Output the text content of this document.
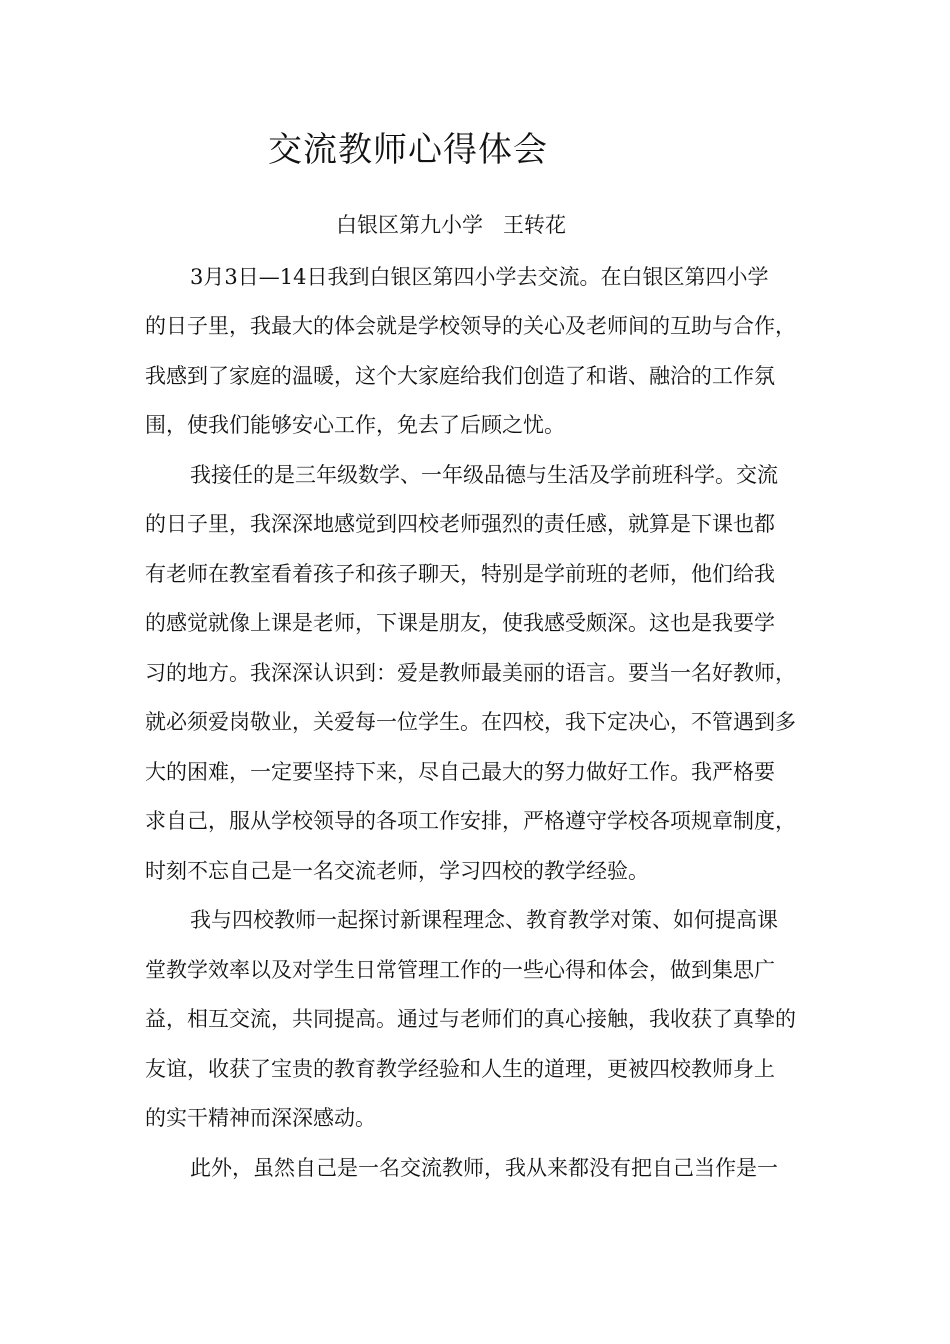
交流教师心得体会
白银区第九小学   王转花
3月3日—14日我到白银区第四小学去交流。在白银区第四小学
的日子里，我最大的体会就是学校领导的关心及老师间的互助与合作，
我感到了家庭的温暖，这个大家庭给我们创造了和谐、融洽的工作氛
围，使我们能够安心工作，免去了后顾之忧。
我接任的是三年级数学、一年级品德与生活及学前班科学。交流
的日子里，我深深地感觉到四校老师强烈的责任感，就算是下课也都
有老师在教室看着孩子和孩子聊天，特别是学前班的老师，他们给我
的感觉就像上课是老师，下课是朋友，使我感受颇深。这也是我要学
习的地方。我深深认识到：爱是教师最美丽的语言。要当一名好教师，
就必须爱岗敬业，关爱每一位学生。在四校，我下定决心，不管遇到多
大的困难，一定要坚持下来，尽自己最大的努力做好工作。我严格要
求自己，服从学校领导的各项工作安排，严格遵守学校各项规章制度，
时刻不忘自己是一名交流老师，学习四校的教学经验。
我与四校教师一起探讨新课程理念、教育教学对策、如何提高课
堂教学效率以及对学生日常管理工作的一些心得和体会，做到集思广
益，相互交流，共同提高。通过与老师们的真心接触，我收获了真挚的
友谊，收获了宝贵的教育教学经验和人生的道理，更被四校教师身上
的实干精神而深深感动。
此外，虽然自己是一名交流教师，我从来都没有把自己当作是一
